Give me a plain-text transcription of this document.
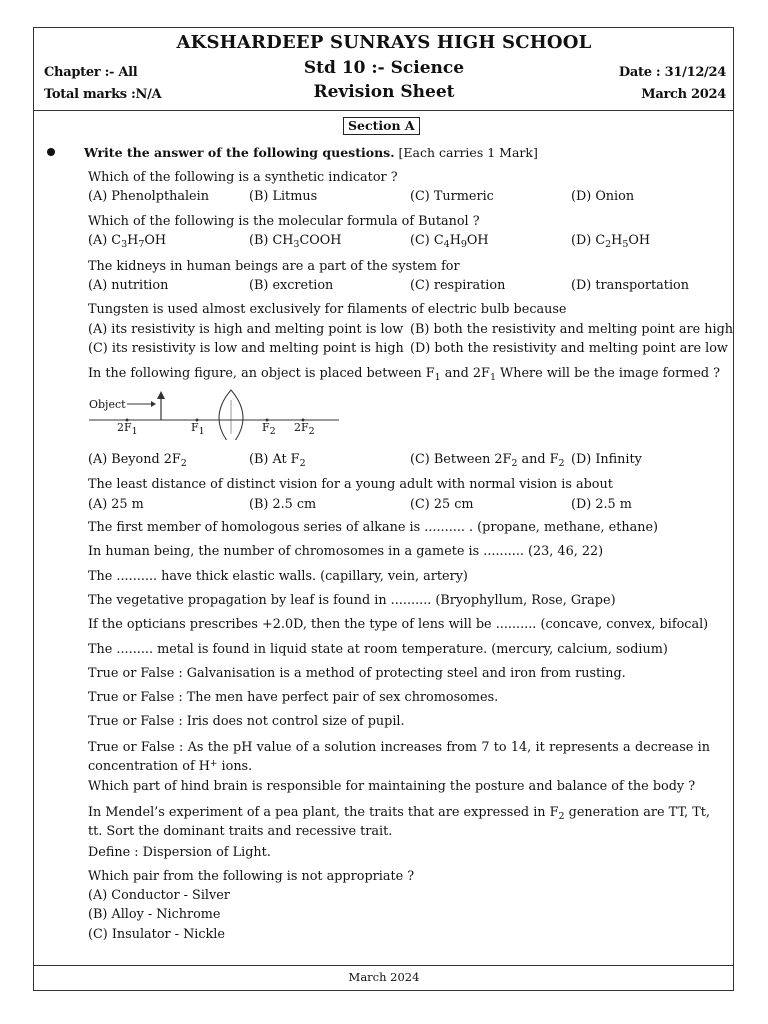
AKSHARDEEP SUNRAYS HIGH SCHOOL
Std 10 :- Science
Revision Sheet
Chapter :- All
Total marks :N/A
Date : 31/12/24
March 2024
Section A
Write the answer of the following questions. [Each carries 1 Mark]
Which of the following is a synthetic indicator ?
(A) Phenolpthalein	(B) Litmus	(C) Turmeric	(D) Onion
Which of the following is the molecular formula of Butanol ?
(A) $C_3H_7OH$	(B) $CH_3COOH$	(C) $C_4H_9OH$	(D) $C_2H_5OH$
The kidneys in human beings are a part of the system for
(A) nutrition	(B) excretion	(C) respiration	(D) transportation
Tungsten is used almost exclusively for filaments of electric bulb because
(A) its resistivity is high and melting point is low (B) both the resistivity and melting point are high
(C) its resistivity is low and melting point is high (D) both the resistivity and melting point are low
In the following figure, an object is placed between $F_1$ and $2F_1$ Where will be the image formed ?
Object
$2F_1$	$F_1$	$F_2$ $2F_2$
(A) Beyond $2F_2$	(B) At $F_2$	(C) Between $2F_2$ and $F_2$ (D) Infinity
The least distance of distinct vision for a young adult with normal vision is about
(A) 25 m	(B) 2.5 cm	(C) 25 cm	(D) 2.5 m
The first member of homologous series of alkane is .......... . (propane, methane, ethane)
In human being, the number of chromosomes in a gamete is .......... (23, 46, 22)
The .......... have thick elastic walls. (capillary, vein, artery)
The vegetative propagation by leaf is found in .......... (Bryophyllum, Rose, Grape)
If the opticians prescribes +2.0D, then the type of lens will be .......... (concave, convex, bifocal)
The ......... metal is found in liquid state at room temperature. (mercury, calcium, sodium)
True or False : Galvanisation is a method of protecting steel and iron from rusting.
True or False : The men have perfect pair of sex chromosomes.
True or False : Iris does not control size of pupil.
True or False : As the pH value of a solution increases from 7 to 14, it represents a decrease in concentration of H+ ions.
Which part of hind brain is responsible for maintaining the posture and balance of the body ?
In Mendel’s experiment of a pea plant, the traits that are expressed in $F_2$ generation are TT, Tt, tt. Sort the dominant traits and recessive trait.
Define : Dispersion of Light.
Which pair from the following is not appropriate ?
(A) Conductor - Silver
(B) Alloy - Nichrome
(C) Insulator - Nickle
March 2024
